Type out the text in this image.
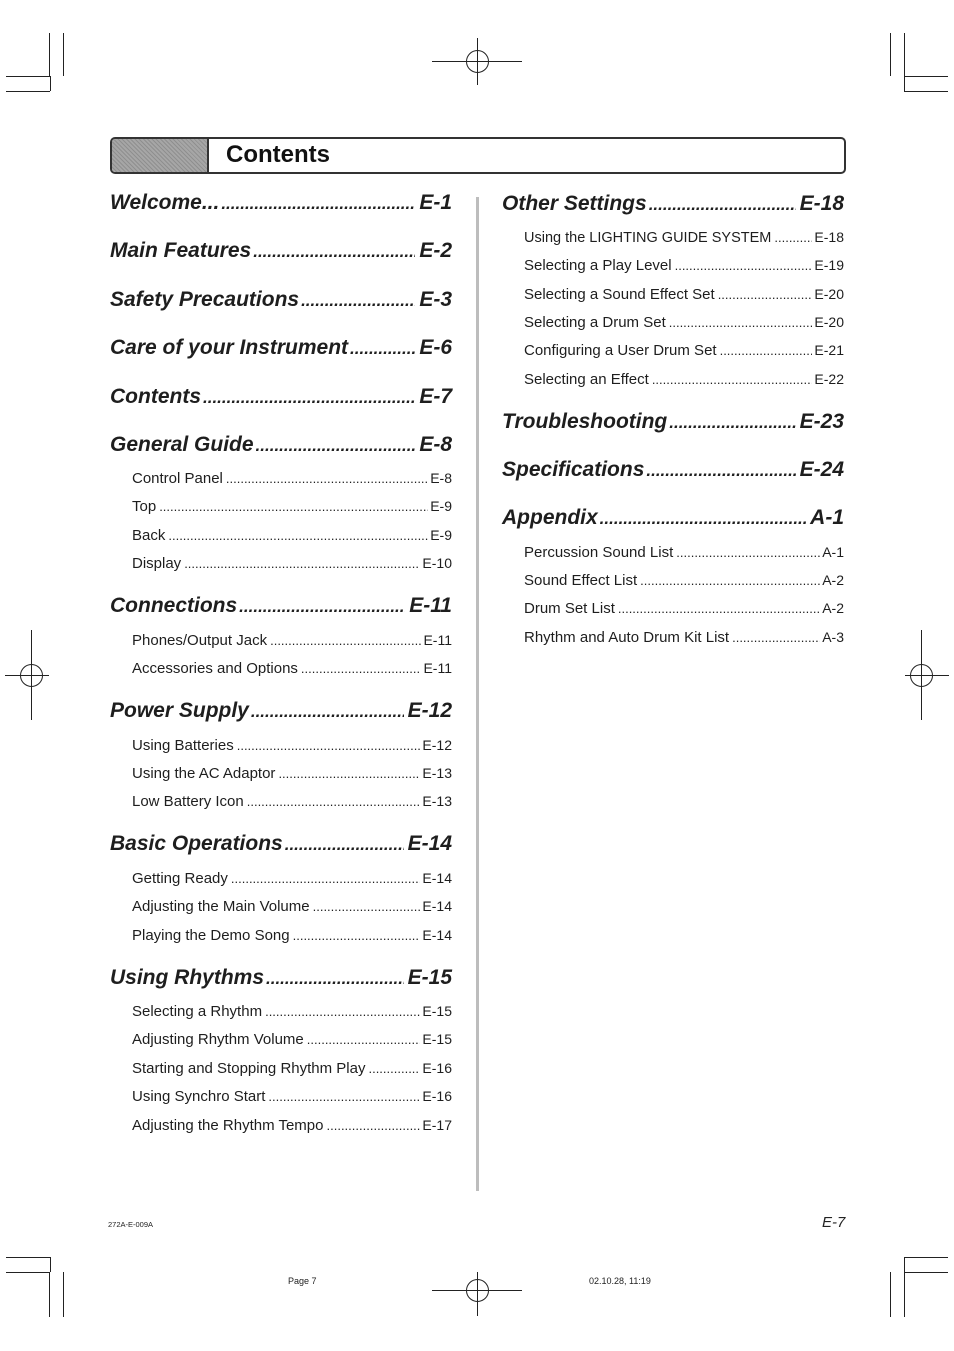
Contents
Welcome... .....	E-1
Main Features .....	E-2
Safety Precautions .....	E-3
Care of your Instrument .....	E-6
Contents .....	E-7
General Guide .....	E-8
Control Panel .....	E-8
Top .....	E-9
Back .....	E-9
Display .....	E-10
Connections .....	E-11
Phones/Output Jack .....	E-11
Accessories and Options .....	E-11
Power Supply .....	E-12
Using Batteries .....	E-12
Using the AC Adaptor .....	E-13
Low Battery Icon .....	E-13
Basic Operations .....	E-14
Getting Ready .....	E-14
Adjusting the Main Volume .....	E-14
Playing the Demo Song .....	E-14
Using Rhythms .....	E-15
Selecting a Rhythm .....	E-15
Adjusting Rhythm Volume .....	E-15
Starting and Stopping Rhythm Play .....	E-16
Using Synchro Start .....	E-16
Adjusting the Rhythm Tempo .....	E-17
Other Settings .....	E-18
Using the LIGHTING GUIDE SYSTEM .....	E-18
Selecting a Play Level .....	E-19
Selecting a Sound Effect Set .....	E-20
Selecting a Drum Set .....	E-20
Configuring a User Drum Set .....	E-21
Selecting an Effect .....	E-22
Troubleshooting .....	E-23
Specifications .....	E-24
Appendix .....	A-1
Percussion Sound List .....	A-1
Sound Effect List .....	A-2
Drum Set List .....	A-2
Rhythm and Auto Drum Kit List .....	A-3
272A-E-009A	E-7
Page 7	02.10.28, 11:19
